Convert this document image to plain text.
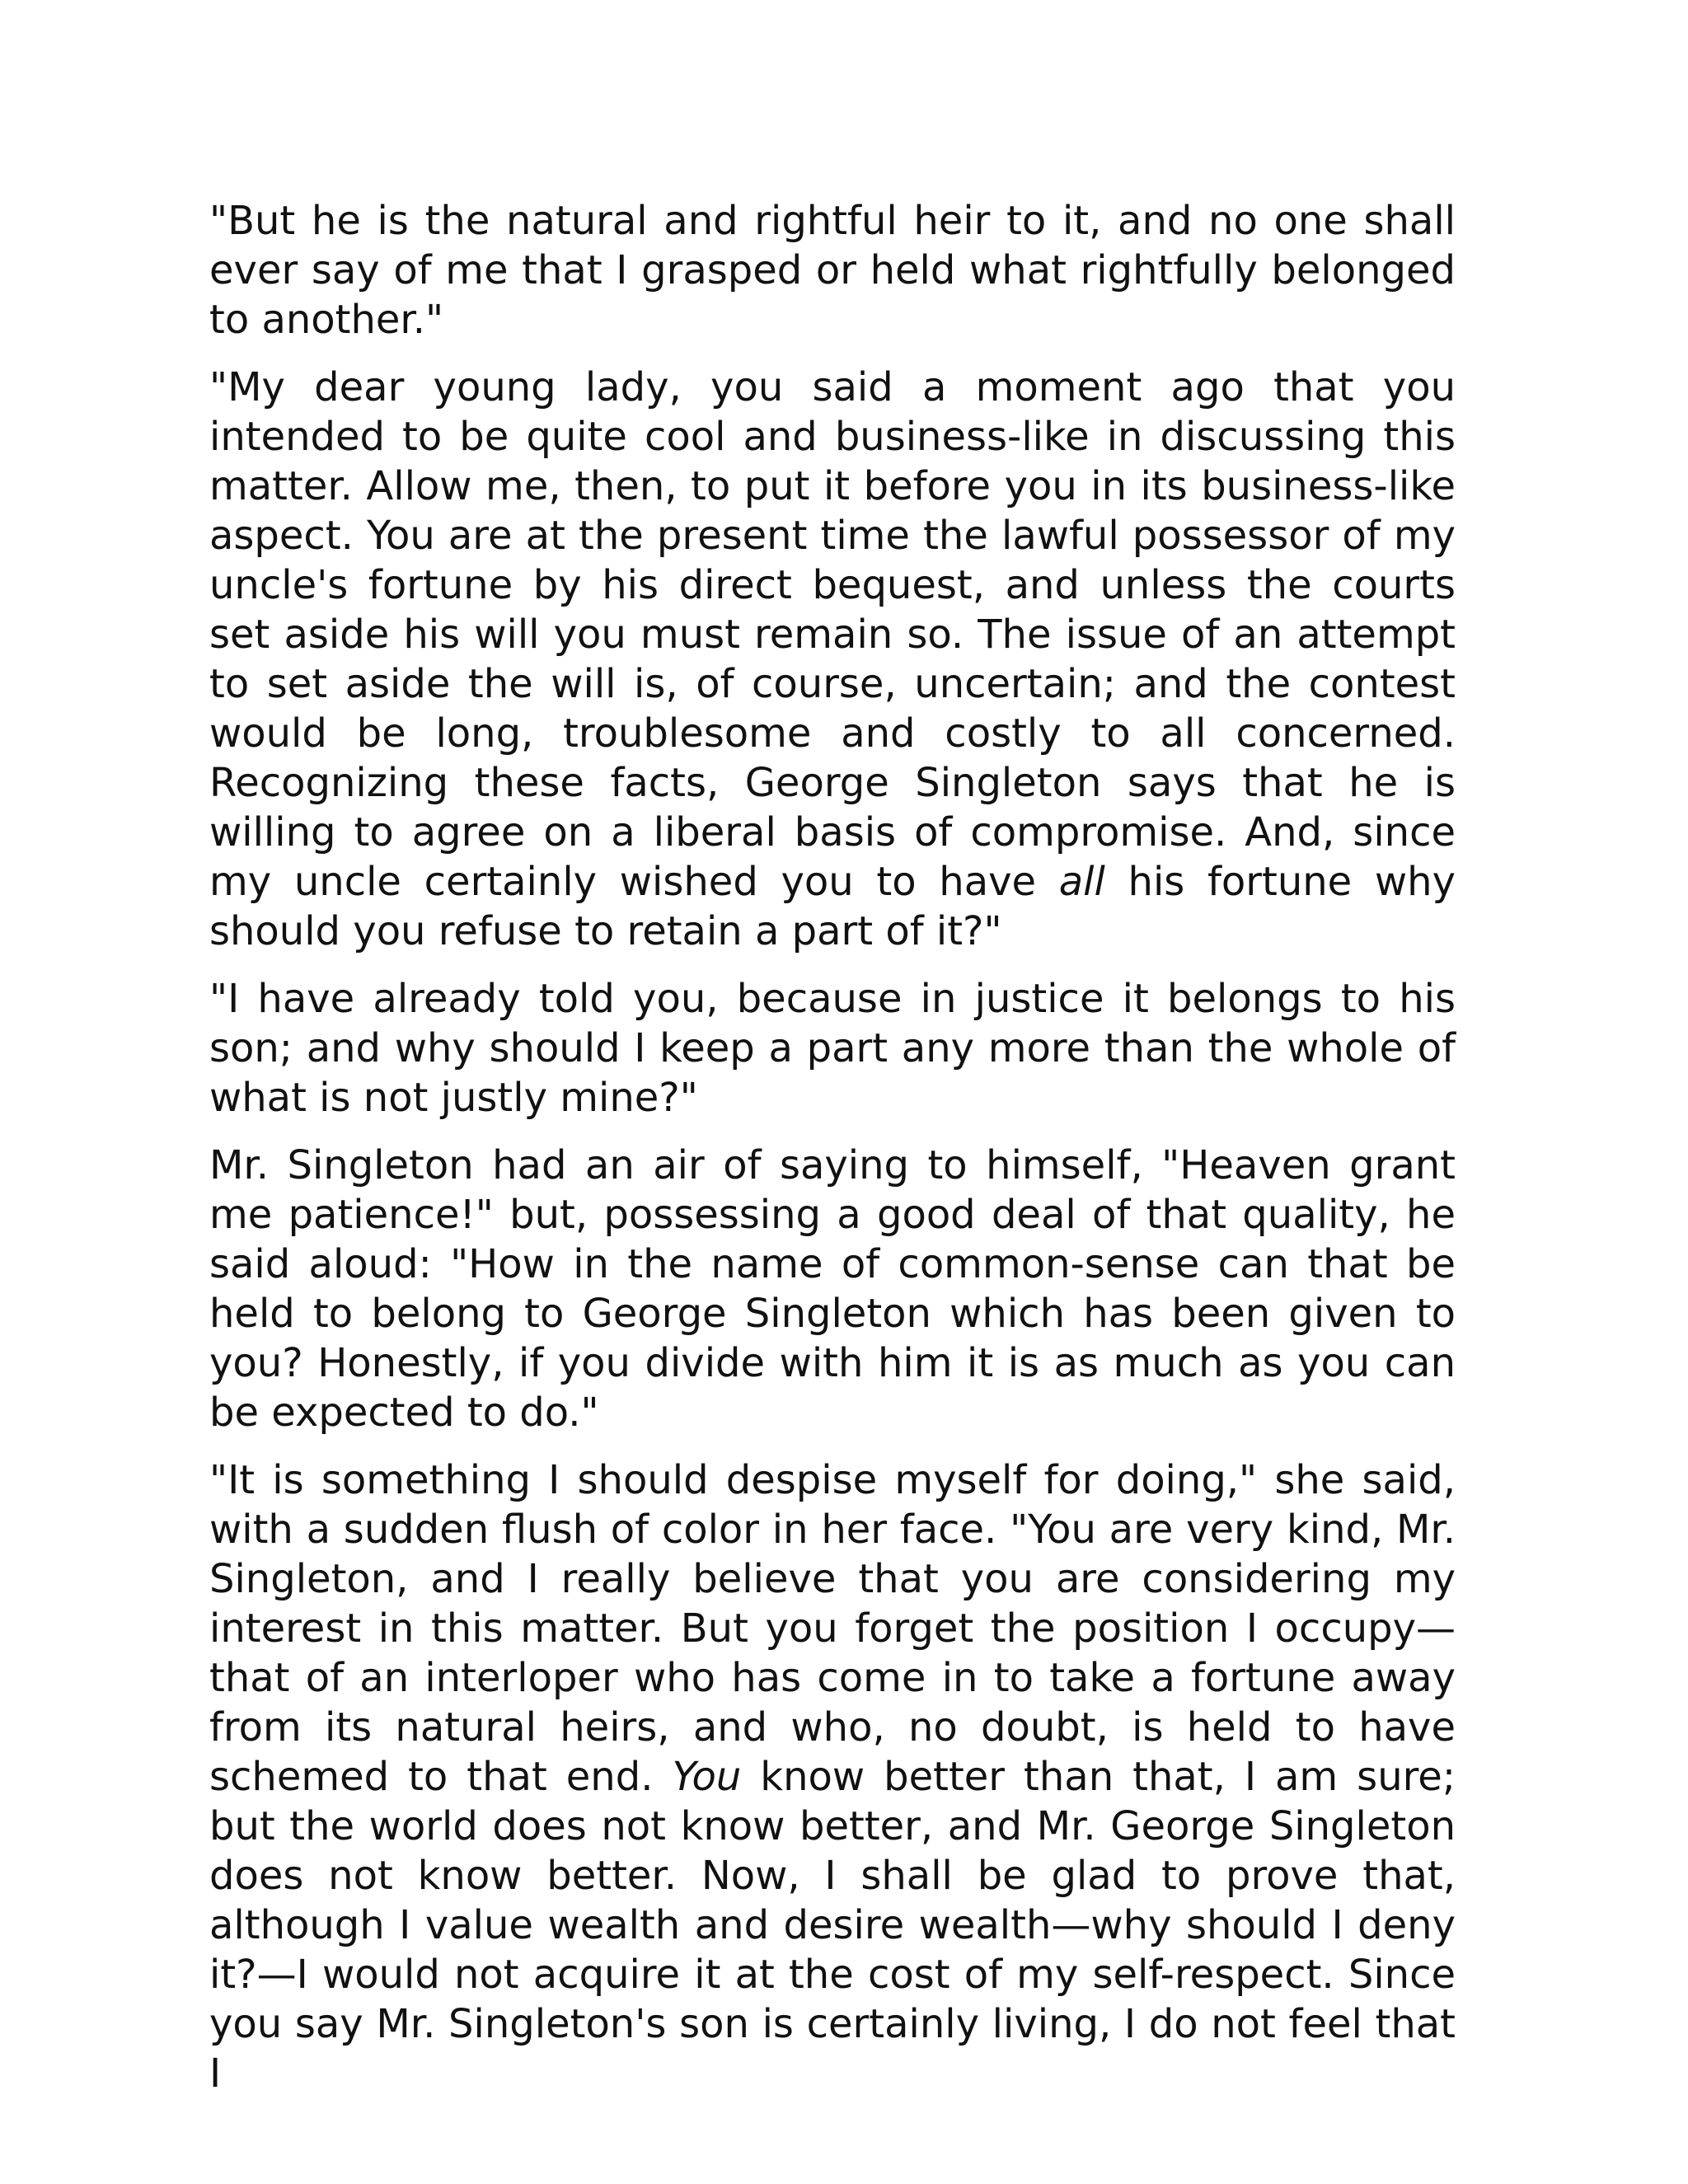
"But he is the natural and rightful heir to it, and no one shall ever say of me that I grasped or held what rightfully belonged to another."

"My dear young lady, you said a moment ago that you intended to be quite cool and business-like in discussing this matter. Allow me, then, to put it before you in its business-like aspect. You are at the present time the lawful possessor of my uncle's fortune by his direct bequest, and unless the courts set aside his will you must remain so. The issue of an attempt to set aside the will is, of course, uncertain; and the contest would be long, troublesome and costly to all concerned. Recognizing these facts, George Singleton says that he is willing to agree on a liberal basis of compromise. And, since my uncle certainly wished you to have all his fortune why should you refuse to retain a part of it?"

"I have already told you, because in justice it belongs to his son; and why should I keep a part any more than the whole of what is not justly mine?"

Mr. Singleton had an air of saying to himself, "Heaven grant me patience!" but, possessing a good deal of that quality, he said aloud: "How in the name of common-sense can that be held to belong to George Singleton which has been given to you? Honestly, if you divide with him it is as much as you can be expected to do."

"It is something I should despise myself for doing," she said, with a sudden flush of color in her face. "You are very kind, Mr. Singleton, and I really believe that you are considering my interest in this matter. But you forget the position I occupy—that of an interloper who has come in to take a fortune away from its natural heirs, and who, no doubt, is held to have schemed to that end. You know better than that, I am sure; but the world does not know better, and Mr. George Singleton does not know better. Now, I shall be glad to prove that, although I value wealth and desire wealth—why should I deny it?—I would not acquire it at the cost of my self-respect. Since you say Mr. Singleton's son is certainly living, I do not feel that I
